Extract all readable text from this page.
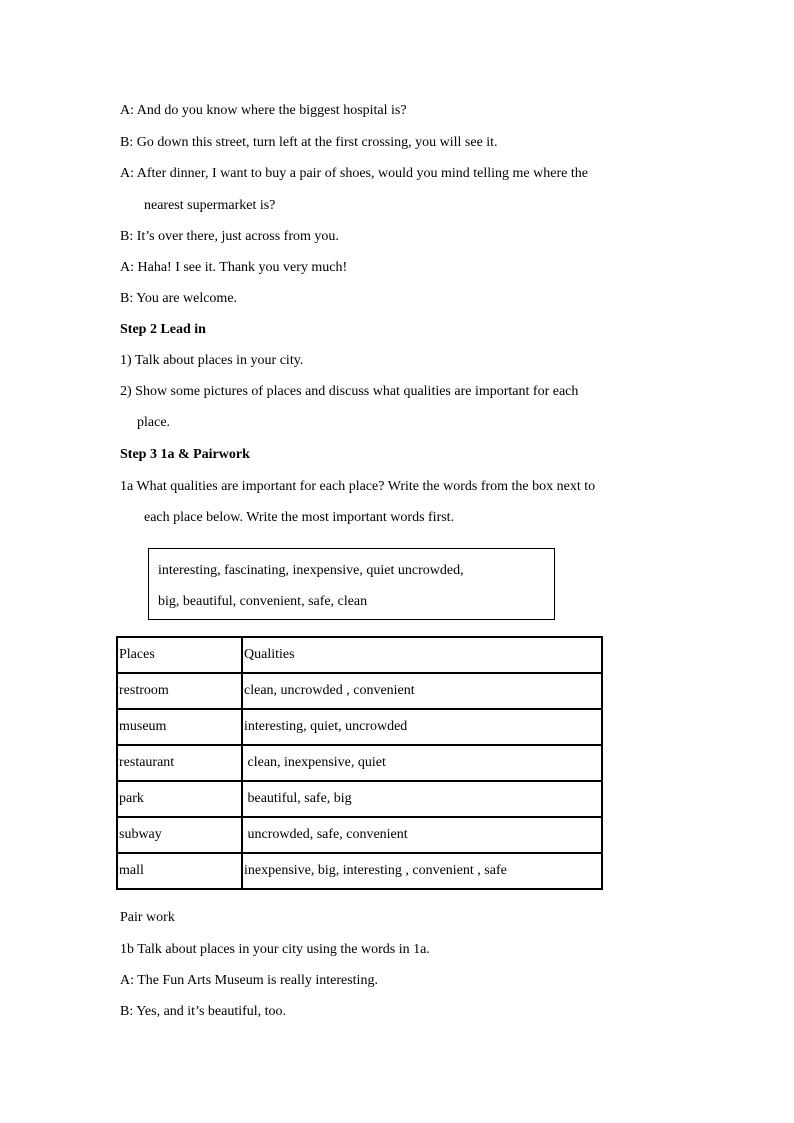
A: And do you know where the biggest hospital is?
B: Go down this street, turn left at the first crossing, you will see it.
A: After dinner, I want to buy a pair of shoes, would you mind telling me where the
nearest supermarket is?
B: It’s over there, just across from you.
A: Haha! I see it. Thank you very much!
B: You are welcome.
Step 2 Lead in
1) Talk about places in your city.
2) Show some pictures of places and discuss what qualities are important for each
place.
Step 3 1a & Pairwork
1a What qualities are important for each place? Write the words from the box next to
each place below. Write the most important words first.
interesting, fascinating, inexpensive, quiet uncrowded,
big, beautiful, convenient, safe, clean
Places	Qualities
restroom	clean, uncrowded , convenient
museum	interesting, quiet, uncrowded
restaurant	clean, inexpensive, quiet
park	beautiful, safe, big
subway	uncrowded, safe, convenient
mall	inexpensive, big, interesting , convenient , safe
Pair work
1b Talk about places in your city using the words in 1a.
A: The Fun Arts Museum is really interesting.
B: Yes, and it’s beautiful, too.
